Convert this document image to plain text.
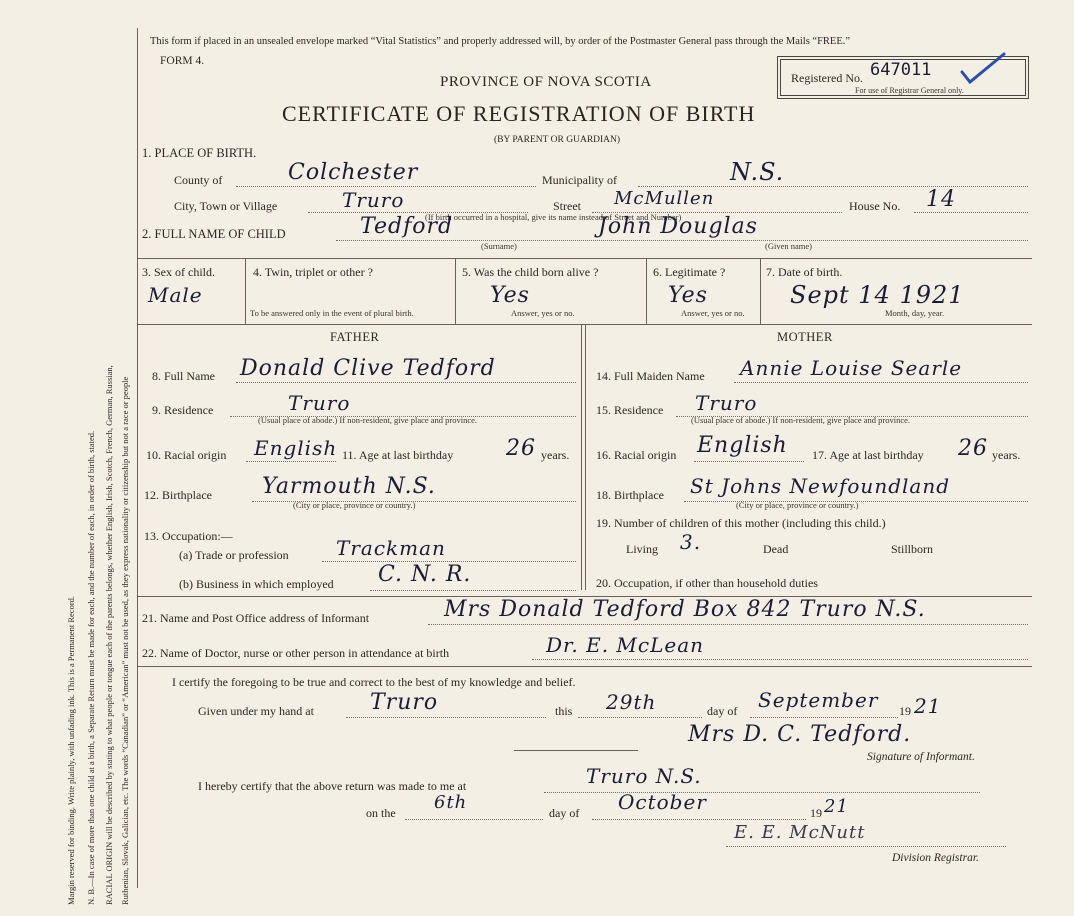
Margin reserved for binding. Write plainly, with unfading ink. This is a Permanent Record. N. B.—In case of more than one child at a birth, a Separate Return must be made for each, and the number of each, in order of birth, stated. RACIAL ORIGIN will be described by stating to what people or tongue each of the parents belongs, whether English, Irish, Scotch, French, German, Russian, Ruthenian, Slovak, Galician, etc. The words “Canadian” or “American” must not be used, as they express nationality or citizenship but not a race or people
This form if placed in an unsealed envelope marked “Vital Statistics” and properly addressed will, by order of the Postmaster General pass through the Mails “FREE.”
FORM 4.
PROVINCE OF NOVA SCOTIA
CERTIFICATE OF REGISTRATION OF BIRTH
(BY PARENT OR GUARDIAN)
Registered No. 647011
For use of Registrar General only.
1. PLACE OF BIRTH.
County of	Colchester	Municipality of	N.S.
City, Town or Village	Truro	Street McMullen	House No. 14
(If birth occurred in a hospital, give its name instead of Street and Number)
2. FULL NAME OF CHILD	Tedford
(Surname)
John Douglas
(Given name)
3. Sex of child.
Male
4. Twin, triplet or other ?
To be answered only in the event of plural birth.
5. Was the child born alive ?
Yes
Answer, yes or no.
6. Legitimate ?
Yes
Answer, yes or no.
7. Date of birth.
Sept 14 1921
Month, day, year.
FATHER	MOTHER
8. Full Name Donald Clive Tedford
9. Residence	Truro
(Usual place of abode.) If non-resident, give place and province.
10. Racial origin English 11. Age at last birthday 26 years.
12. Birthplace Yarmouth N.S.
(City or place, province or country.)
13. Occupation:—
(a) Trade or profession Trackman
(b) Business in which employed C. N. R.
14. Full Maiden Name Annie Louise Searle
15. Residence Truro
(Usual place of abode.) If non-resident, give place and province.
16. Racial origin English 17. Age at last birthday 26 years.
18. Birthplace St Johns Newfoundland
(City or place, province or country.)
19. Number of children of this mother (including this child.)
Living 3.	Dead	Stillborn
20. Occupation, if other than household duties
21. Name and Post Office address of Informant	Mrs Donald Tedford Box 842 Truro N.S.
22. Name of Doctor, nurse or other person in attendance at birth	Dr. E. McLean
I certify the foregoing to be true and correct to the best of my knowledge and belief.
Given under my hand at	Truro	this 29th	day of September 19 21
Mrs D. C. Tedford.
Signature of Informant.
I hereby certify that the above return was made to me at	Truro N.S.
on the 6th	day of October	19 21
E. E. McNutt
Division Registrar.
